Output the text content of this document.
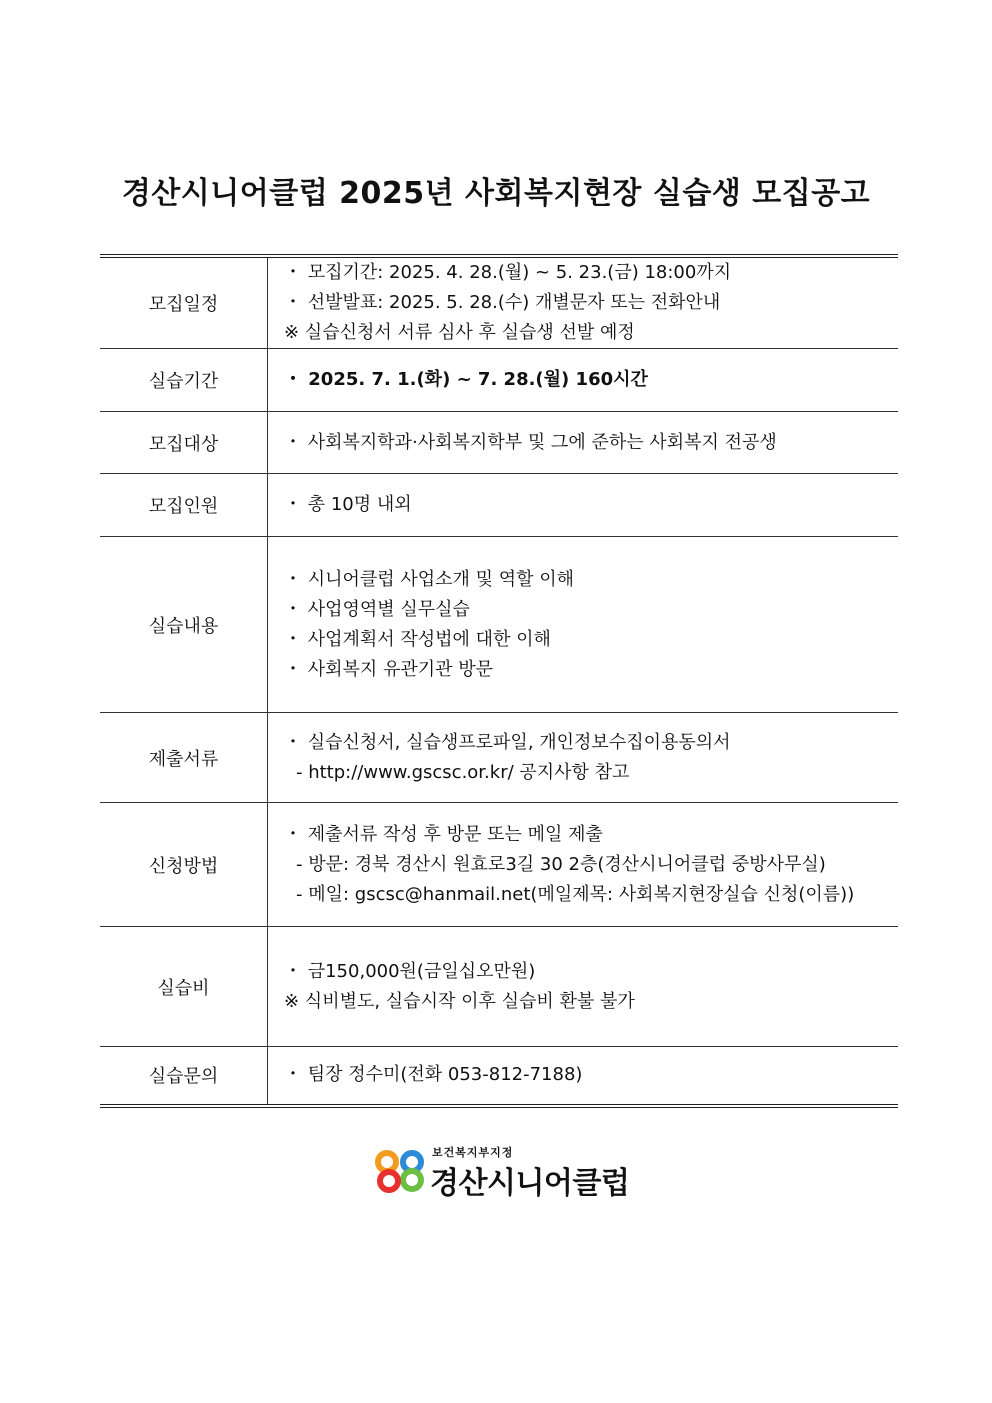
경산시니어클럽 2025년 사회복지현장 실습생 모집공고
모집일정	・ 모집기간: 2025. 4. 28.(월) ~ 5. 23.(금) 18:00까지
・ 선발발표: 2025. 5. 28.(수) 개별문자 또는 전화안내
※ 실습신청서 서류 심사 후 실습생 선발 예정

실습기간	・ 2025. 7. 1.(화) ~ 7. 28.(월) 160시간

모집대상	・ 사회복지학과·사회복지학부 및 그에 준하는 사회복지 전공생

모집인원	・ 총 10명 내외

실습내용	・ 시니어클럽 사업소개 및 역할 이해
・ 사업영역별 실무실습
・ 사업계획서 작성법에 대한 이해
・ 사회복지 유관기관 방문

제출서류	・ 실습신청서, 실습생프로파일, 개인정보수집이용동의서
- http://www.gscsc.or.kr/ 공지사항 참고

신청방법	・ 제출서류 작성 후 방문 또는 메일 제출
- 방문: 경북 경산시 원효로3길 30 2층(경산시니어클럽 중방사무실)
- 메일: gscsc@hanmail.net(메일제목: 사회복지현장실습 신청(이름))

실습비	・ 금150,000원(금일십오만원)
※ 식비별도, 실습시작 이후 실습비 환불 불가

실습문의	・ 팀장 정수미(전화 053-812-7188)
보건복지부지정
경산시니어클럽
